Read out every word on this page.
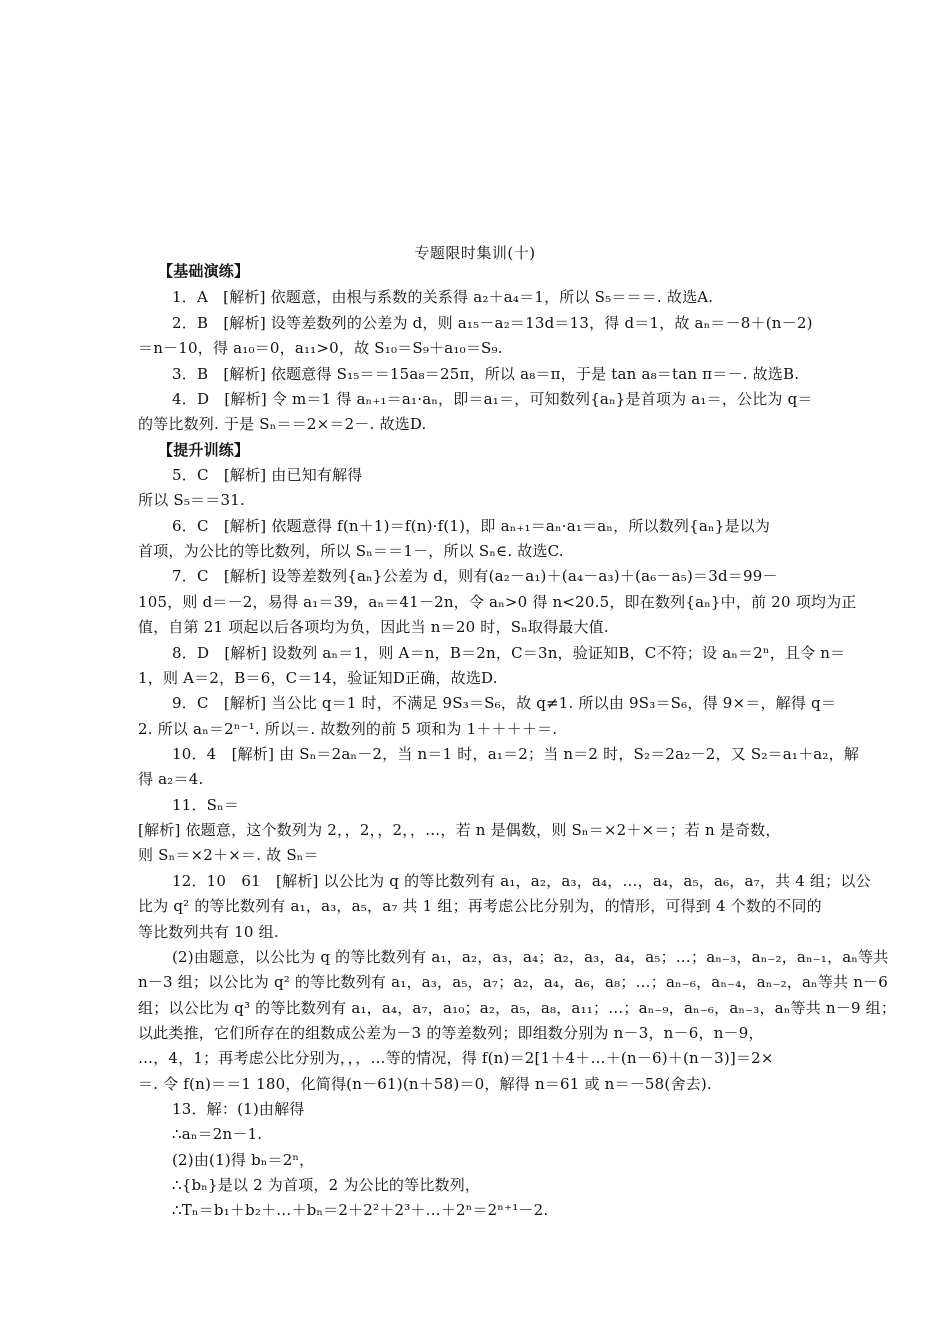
专题限时集训(十)
【基础演练】
1．A　[解析] 依题意，由根与系数的关系得 a₂＋a₄＝1，所以 S₅＝＝＝. 故选A.
2．B　[解析] 设等差数列的公差为 d，则 a₁₅－a₂＝13d＝13，得 d＝1，故 aₙ＝－8＋(n－2)
＝n－10，得 a₁₀＝0，a₁₁>0，故 S₁₀＝S₉＋a₁₀＝S₉.
3．B　[解析] 依题意得 S₁₅＝＝15a₈＝25π，所以 a₈＝π，于是 tan a₈＝tan π＝－. 故选B.
4．D　[解析] 令 m＝1 得 aₙ₊₁＝a₁·aₙ，即＝a₁＝，可知数列{aₙ}是首项为 a₁＝，公比为 q＝
的等比数列. 于是 Sₙ＝＝2×＝2－. 故选D.
【提升训练】
5．C　[解析] 由已知有解得
所以 S₅＝＝31.
6．C　[解析] 依题意得 f(n＋1)＝f(n)·f(1)，即 aₙ₊₁＝aₙ·a₁＝aₙ，所以数列{aₙ}是以为
首项，为公比的等比数列，所以 Sₙ＝＝1－，所以 Sₙ∈. 故选C.
7．C　[解析] 设等差数列{aₙ}公差为 d，则有(a₂－a₁)＋(a₄－a₃)＋(a₆－a₅)＝3d＝99－
105，则 d＝－2，易得 a₁＝39，aₙ＝41－2n，令 aₙ>0 得 n<20.5，即在数列{aₙ}中，前 20 项均为正
值，自第 21 项起以后各项均为负，因此当 n＝20 时，Sₙ取得最大值.
8．D　[解析] 设数列 aₙ＝1，则 A＝n，B＝2n，C＝3n，验证知B，C不符；设 aₙ＝2ⁿ，且令 n＝
1，则 A＝2，B＝6，C＝14，验证知D正确，故选D.
9．C　[解析] 当公比 q＝1 时，不满足 9S₃＝S₆，故 q≠1. 所以由 9S₃＝S₆，得 9×＝，解得 q＝
2. 所以 aₙ＝2ⁿ⁻¹. 所以＝. 故数列的前 5 项和为 1＋＋＋＋＝.
10．4　[解析] 由 Sₙ＝2aₙ－2，当 n＝1 时，a₁＝2；当 n＝2 时，S₂＝2a₂－2，又 S₂＝a₁＋a₂，解
得 a₂＝4.
11．Sₙ＝
[解析] 依题意，这个数列为 2，，2，，2，，…，若 n 是偶数，则 Sₙ＝×2＋×＝；若 n 是奇数，
则 Sₙ＝×2＋×＝. 故 Sₙ＝
12．10　61　[解析] 以公比为 q 的等比数列有 a₁，a₂，a₃，a₄，…，a₄，a₅，a₆，a₇，共 4 组；以公
比为 q² 的等比数列有 a₁，a₃，a₅，a₇ 共 1 组；再考虑公比分别为，的情形，可得到 4 个数的不同的
等比数列共有 10 组.
(2)由题意，以公比为 q 的等比数列有 a₁，a₂，a₃，a₄；a₂，a₃，a₄，a₅；…；aₙ₋₃，aₙ₋₂，aₙ₋₁，aₙ等共
n－3 组；以公比为 q² 的等比数列有 a₁，a₃，a₅，a₇；a₂，a₄，a₆，a₈；…；aₙ₋₆，aₙ₋₄，aₙ₋₂，aₙ等共 n－6
组；以公比为 q³ 的等比数列有 a₁，a₄，a₇，a₁₀；a₂，a₅，a₈，a₁₁；…；aₙ₋₉，aₙ₋₆，aₙ₋₃，aₙ等共 n－9 组；
以此类推，它们所存在的组数成公差为－3 的等差数列；即组数分别为 n－3，n－6，n－9，
…，4，1；再考虑公比分别为，，，…等的情况，得 f(n)＝2[1＋4＋…＋(n－6)＋(n－3)]＝2×
＝. 令 f(n)＝＝1 180，化简得(n－61)(n＋58)＝0，解得 n＝61 或 n＝－58(舍去).
13．解：(1)由解得
∴aₙ＝2n－1.
(2)由(1)得 bₙ＝2ⁿ，
∴{bₙ}是以 2 为首项，2 为公比的等比数列，
∴Tₙ＝b₁＋b₂＋…＋bₙ＝2＋2²＋2³＋…＋2ⁿ＝2ⁿ⁺¹－2.
